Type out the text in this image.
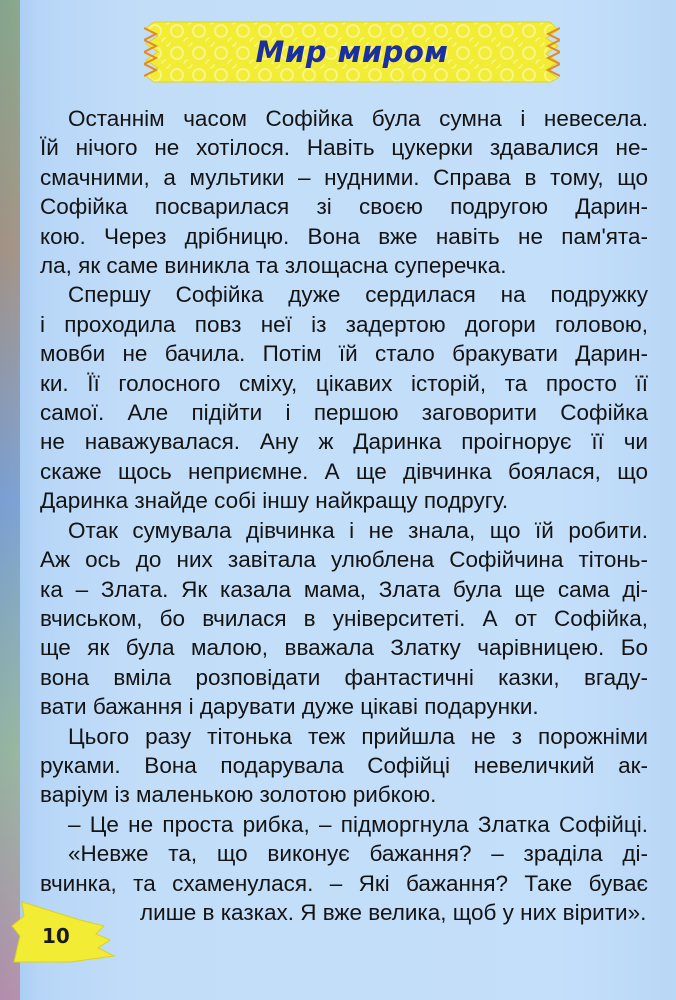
Мир миром
Останнім часом Софійка була сумна і невесела.
Їй нічого не хотілося. Навіть цукерки здавалися не-
смачними, а мультики – нудними. Справа в тому, що
Софійка посварилася зі своєю подругою Дарин-
кою. Через дрібницю. Вона вже навіть не пам'ята-
ла, як саме виникла та злощасна суперечка.
Спершу Софійка дуже сердилася на подружку
і проходила повз неї із задертою догори головою,
мовби не бачила. Потім їй стало бракувати Дарин-
ки. Її голосного сміху, цікавих історій, та просто її
самої. Але підійти і першою заговорити Софійка
не наважувалася. Ану ж Даринка проігнорує її чи
скаже щось неприємне. А ще дівчинка боялася, що
Даринка знайде собі іншу найкращу подругу.
Отак сумувала дівчинка і не знала, що їй робити.
Аж ось до них завітала улюблена Софійчина тітонь-
ка – Злата. Як казала мама, Злата була ще сама ді-
вчиськом, бо вчилася в університеті. А от Софійка,
ще як була малою, вважала Златку чарівницею. Бо
вона вміла розповідати фантастичні казки, вгаду-
вати бажання і дарувати дуже цікаві подарунки.
Цього разу тітонька теж прийшла не з порожніми
руками. Вона подарувала Софійці невеличкий ак-
варіум із маленькою золотою рибкою.
– Це не проста рибка, – підморгнула Златка Софійці.
«Невже та, що виконує бажання? – зраділа ді-
вчинка, та схаменулася. – Які бажання? Таке буває
лише в казках. Я вже велика, щоб у них вірити».
10
